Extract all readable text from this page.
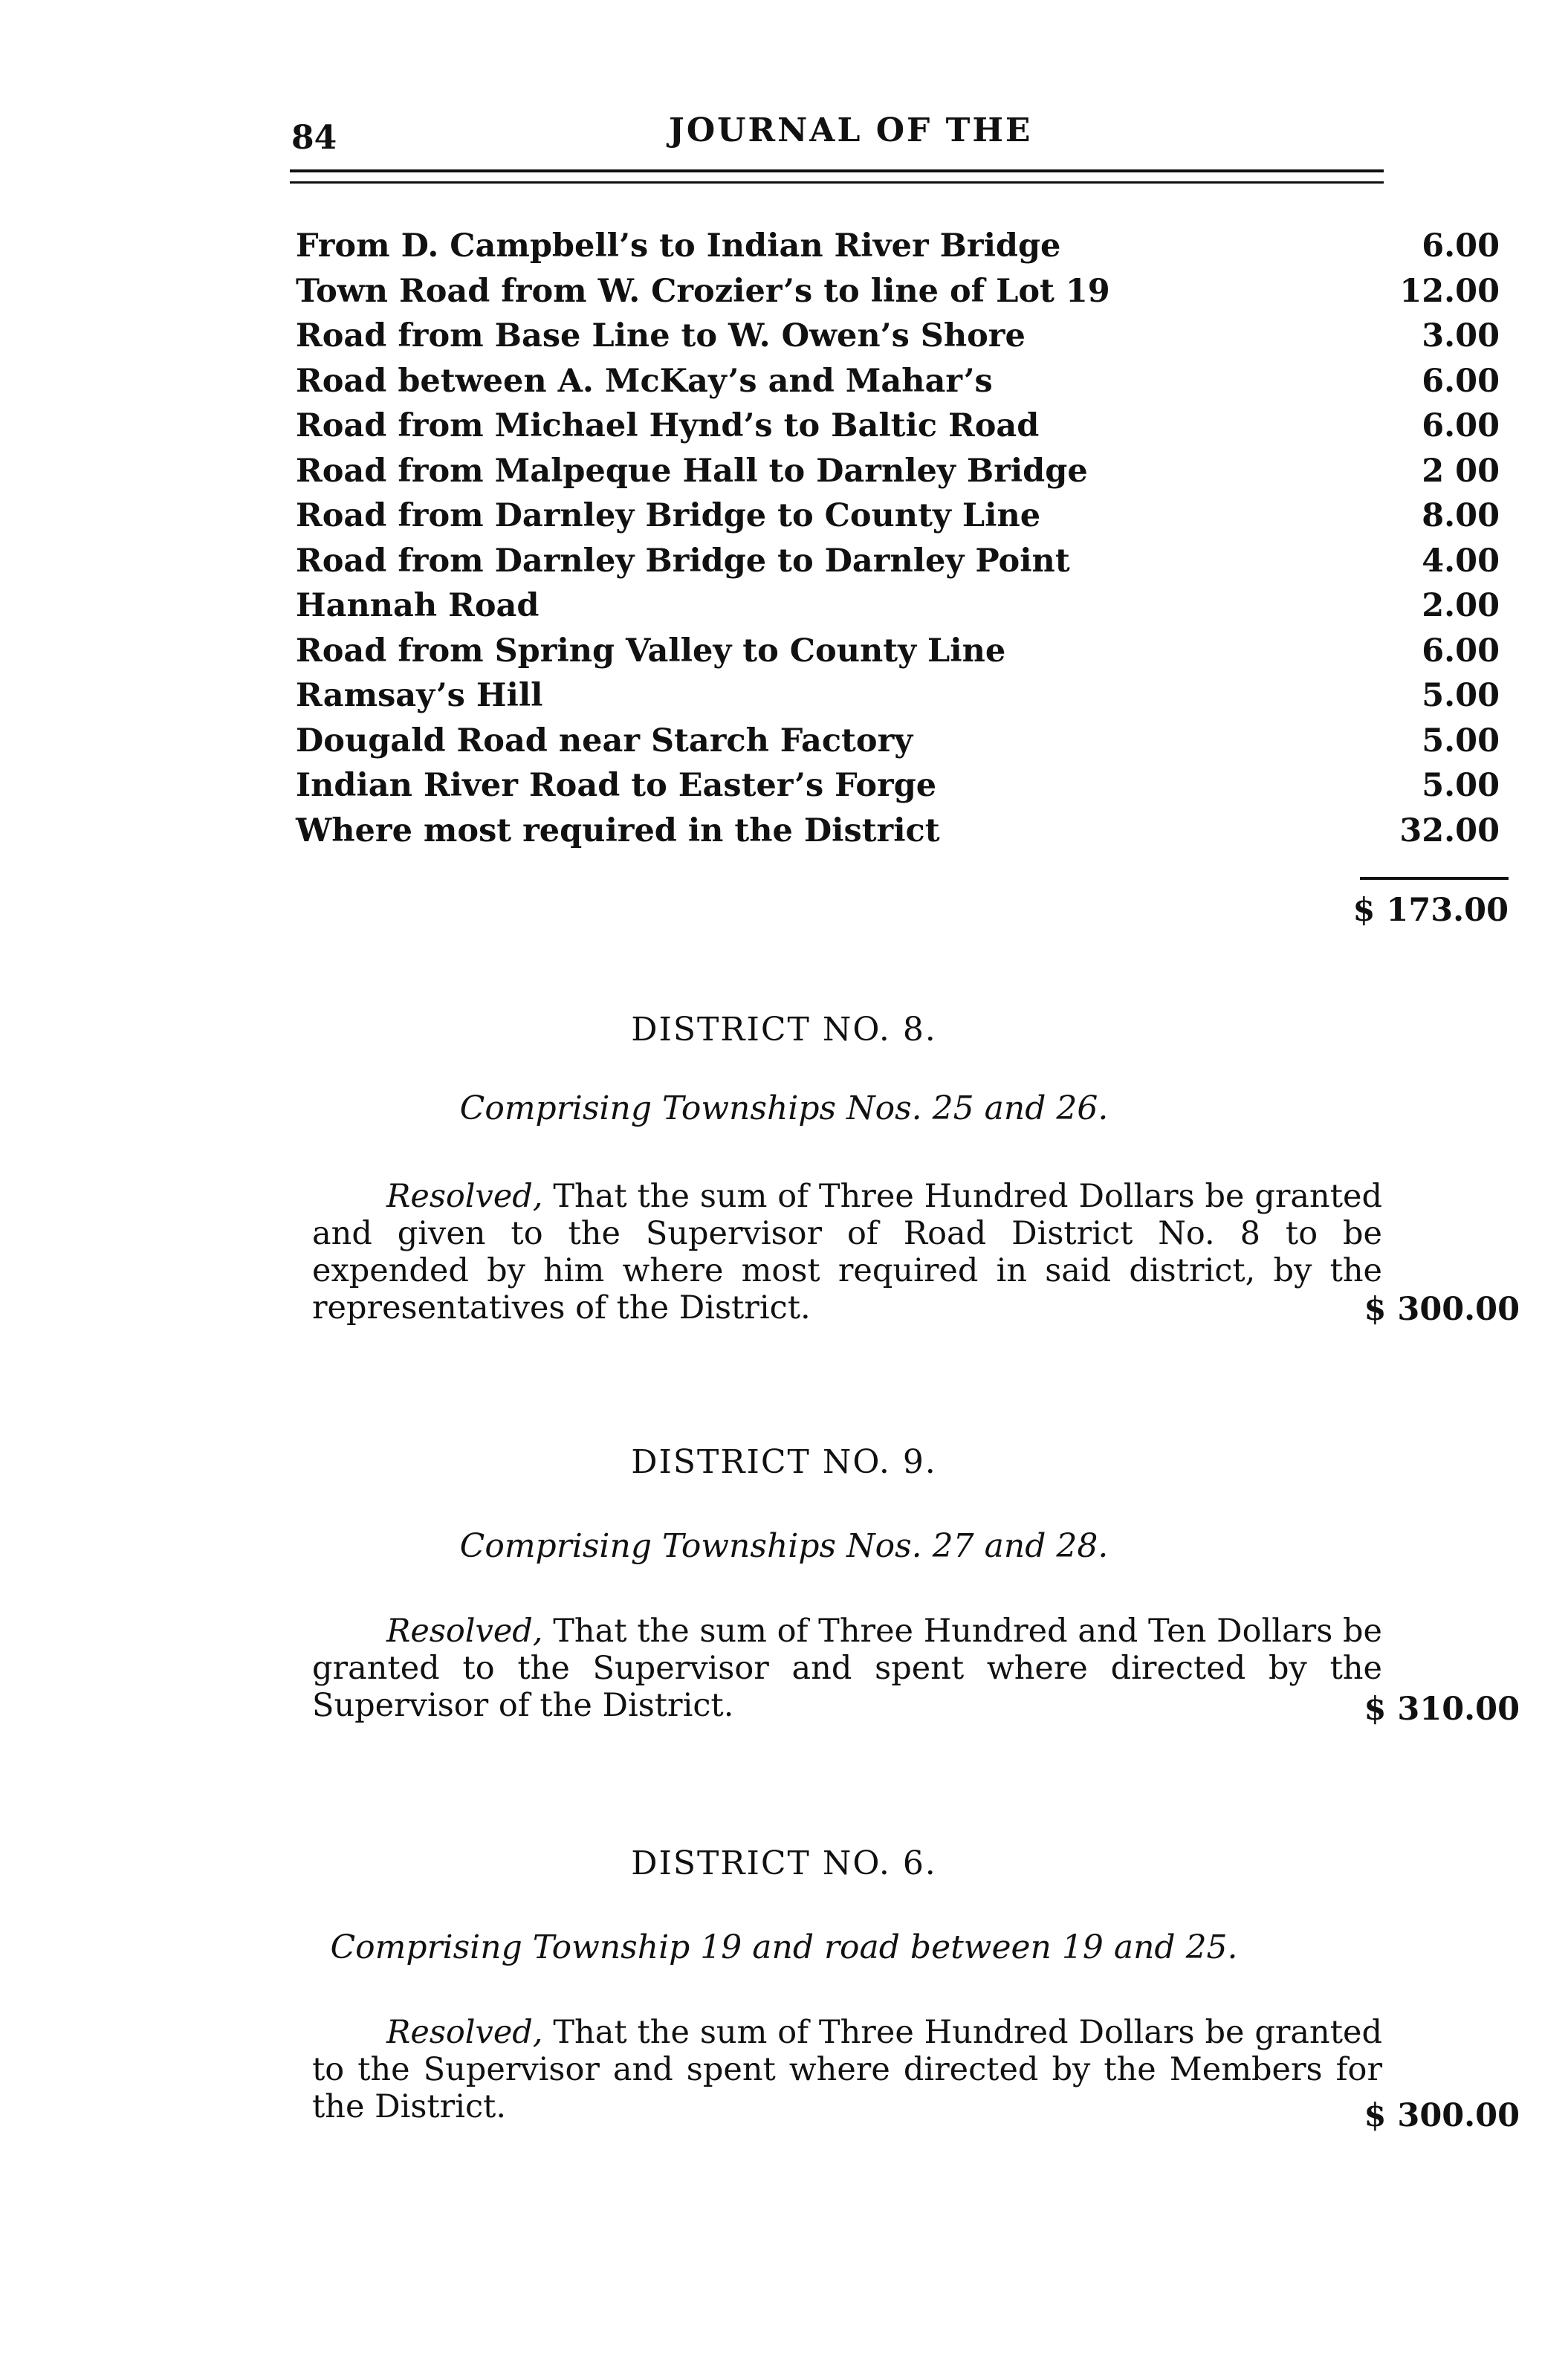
84	JOURNAL OF THE
From D. Campbell’s to Indian River Bridge	6.00
Town Road from W. Crozier’s to line of Lot 19	12.00
Road from Base Line to W. Owen’s Shore	3.00
Road between A. McKay’s and Mahar’s	6.00
Road from Michael Hynd’s to Baltic Road	6.00
Road from Malpeque Hall to Darnley Bridge	2 00
Road from Darnley Bridge to County Line	8.00
Road from Darnley Bridge to Darnley Point	4.00
Hannah Road	2.00
Road from Spring Valley to County Line	6.00
Ramsay’s Hill	5.00
Dougald Road near Starch Factory	5.00
Indian River Road to Easter’s Forge	5.00
Where most required in the District	32.00
$ 173.00
DISTRICT NO. 8.
Comprising Townships Nos. 25 and 26.
Resolved, That the sum of Three Hundred Dollars be granted and given to the Supervisor of Road District No. 8 to be expended by him where most required in said district, by the representatives of the District.	$ 300.00
DISTRICT NO. 9.
Comprising Townships Nos. 27 and 28.
Resolved, That the sum of Three Hundred and Ten Dollars be granted to the Supervisor and spent where directed by the Supervisor of the District.	$ 310.00
DISTRICT NO. 6.
Comprising Township 19 and road between 19 and 25.
Resolved, That the sum of Three Hundred Dollars be granted to the Supervisor and spent where directed by the Members for the District.	$ 300.00
